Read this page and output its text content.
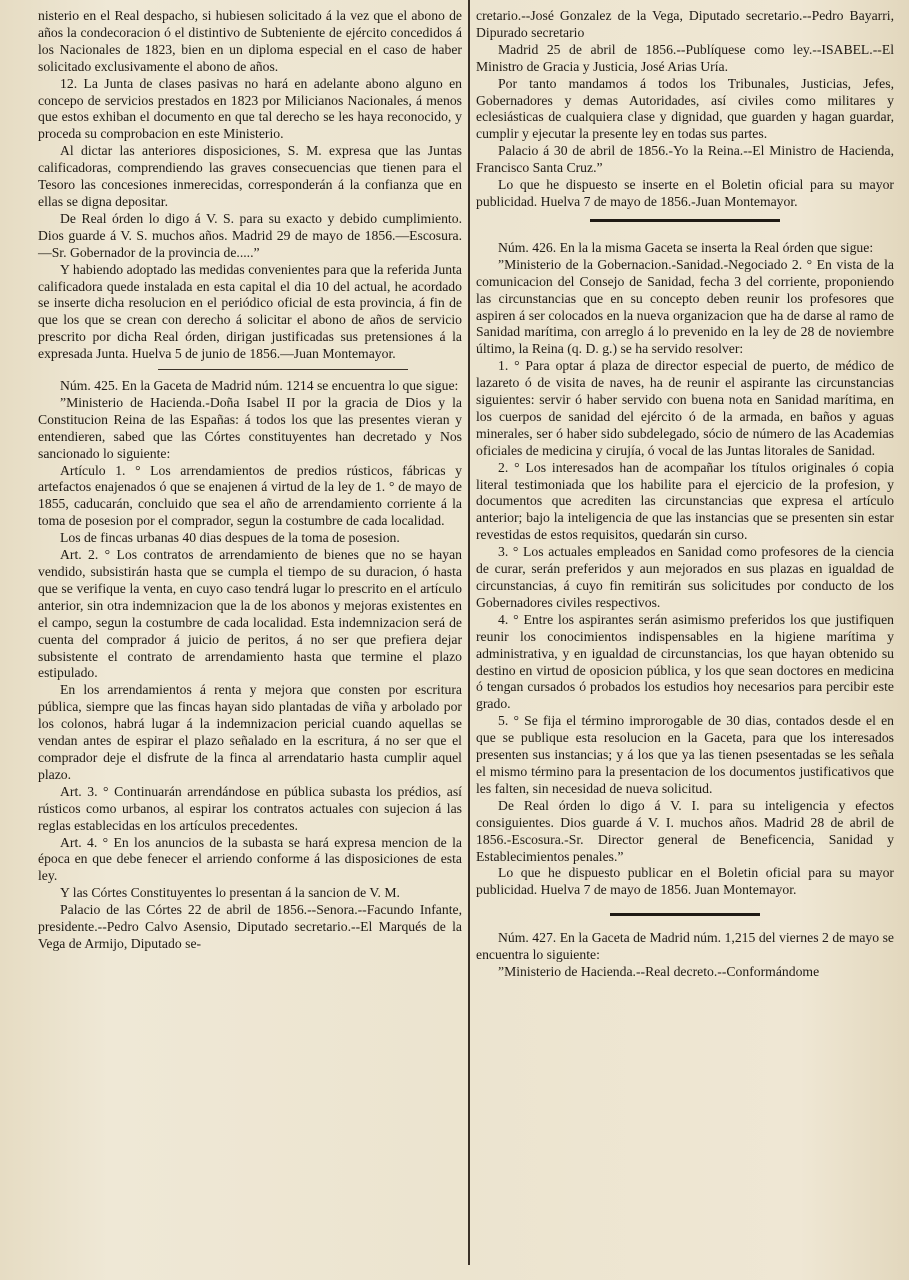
nisterio en el Real despacho, si hubiesen solicitado á la vez que el abono de años la condecoracion ó el distintivo de Subteniente de ejército concedidos á los Nacionales de 1823, bien en un diploma especial en el caso de haber solicitado exclusivamente el abono de años.

12. La Junta de clases pasivas no hará en adelante abono alguno en concepo de servicios prestados en 1823 por Milicianos Nacionales, á menos que estos exhiban el documento en que tal derecho se les haya reconocido, y proceda su comprobacion en este Ministerio.

Al dictar las anteriores disposiciones, S. M. expresa que las Juntas calificadoras, comprendiendo las graves consecuencias que tienen para el Tesoro las concesiones inmerecidas, corresponderán á la confianza que en ellas se digna depositar.

De Real órden lo digo á V. S. para su exacto y debido cumplimiento. Dios guarde á V. S. muchos años. Madrid 29 de mayo de 1856.—Escosura.—Sr. Gobernador de la provincia de.....”

Y habiendo adoptado las medidas convenientes para que la referida Junta calificadora quede instalada en esta capital el dia 10 del actual, he acordado se inserte dicha resolucion en el periódico oficial de esta provincia, á fin de que los que se crean con derecho á solicitar el abono de años de servicio prescrito por dicha Real órden, dirigan justificadas sus pretensiones á la expresada Junta. Huelva 5 de junio de 1856.—Juan Montemayor.

Núm. 425. En la Gaceta de Madrid núm. 1214 se encuentra lo que sigue:

”Ministerio de Hacienda.-Doña Isabel II por la gracia de Dios y la Constitucion Reina de las Españas: á todos los que las presentes vieran y entendieren, sabed que las Córtes constituyentes han decretado y Nos sancionado lo siguiente:

Artículo 1. ° Los arrendamientos de predios rústicos, fábricas y artefactos enajenados ó que se enajenen á virtud de la ley de 1. ° de mayo de 1855, caducarán, concluido que sea el año de arrendamiento corriente á la toma de posesion por el comprador, segun la costumbre de cada localidad.

Los de fincas urbanas 40 dias despues de la toma de posesion.

Art. 2. ° Los contratos de arrendamiento de bienes que no se hayan vendido, subsistirán hasta que se cumpla el tiempo de su duracion, ó hasta que se verifique la venta, en cuyo caso tendrá lugar lo prescrito en el artículo anterior, sin otra indemnizacion que la de los abonos y mejoras existentes en el campo, segun la costumbre de cada localidad. Esta indemnizacion será de cuenta del comprador á juicio de peritos, á no ser que prefiera dejar subsistente el contrato de arrendamiento hasta que termine el plazo estipulado.

En los arrendamientos á renta y mejora que consten por escritura pública, siempre que las fincas hayan sido plantadas de viña y arbolado por los colonos, habrá lugar á la indemnizacion pericial cuando aquellas se vendan antes de espirar el plazo señalado en la escritura, á no ser que el comprador deje el disfrute de la finca al arrendatario hasta cumplir aquel plazo.

Art. 3. ° Continuarán arrendándose en pública subasta los prédios, así rústicos como urbanos, al espirar los contratos actuales con sujecion á las reglas establecidas en los artículos precedentes.

Art. 4. ° En los anuncios de la subasta se hará expresa mencion de la época en que debe fenecer el arriendo conforme á las disposiciones de esta ley.

Y las Córtes Constituyentes lo presentan á la sancion de V. M.

Palacio de las Córtes 22 de abril de 1856.--Senora.--Facundo Infante, presidente.--Pedro Calvo Asensio, Diputado secretario.--El Marqués de la Vega de Armijo, Diputado se-

cretario.--José Gonzalez de la Vega, Diputado secretario.--Pedro Bayarri, Dipurado secretario

Madrid 25 de abril de 1856.--Publíquese como ley.--ISABEL.--El Ministro de Gracia y Justicia, José Arias Uría.

Por tanto mandamos á todos los Tribunales, Justicias, Jefes, Gobernadores y demas Autoridades, así civiles como militares y eclesiásticas de cualquiera clase y dignidad, que guarden y hagan guardar, cumplir y ejecutar la presente ley en todas sus partes.

Palacio á 30 de abril de 1856.-Yo la Reina.--El Ministro de Hacienda, Francisco Santa Cruz.”

Lo que he dispuesto se inserte en el Boletin oficial para su mayor publicidad. Huelva 7 de mayo de 1856.-Juan Montemayor.

Núm. 426. En la la misma Gaceta se inserta la Real órden que sigue:

”Ministerio de la Gobernacion.-Sanidad.-Negociado 2. ° En vista de la comunicacion del Consejo de Sanidad, fecha 3 del corriente, proponiendo las circunstancias que en su concepto deben reunir los profesores que aspiren á ser colocados en la nueva organizacion que ha de darse al ramo de Sanidad marítima, con arreglo á lo prevenido en la ley de 28 de noviembre último, la Reina (q. D. g.) se ha servido resolver:

1. ° Para optar á plaza de director especial de puerto, de médico de lazareto ó de visita de naves, ha de reunir el aspirante las circunstancias siguientes: servir ó haber servido con buena nota en Sanidad marítima, en los cuerpos de sanidad del ejército ó de la armada, en baños y aguas minerales, ser ó haber sido subdelegado, sócio de número de las Academias oficiales de medicina y cirujía, ó vocal de las Juntas litorales de Sanidad.

2. ° Los interesados han de acompañar los títulos originales ó copia literal testimoniada que los habilite para el ejercicio de la profesion, y documentos que acrediten las circunstancias que expresa el artículo anterior; bajo la inteligencia de que las instancias que se presenten sin estar revestidas de estos requisitos, quedarán sin curso.

3. ° Los actuales empleados en Sanidad como profesores de la ciencia de curar, serán preferidos y aun mejorados en sus plazas en igualdad de circunstancias, á cuyo fin remitirán sus solicitudes por conducto de los Gobernadores civiles respectivos.

4. ° Entre los aspirantes serán asimismo preferidos los que justifiquen reunir los conocimientos indispensables en la higiene marítima y administrativa, y en igualdad de circunstancias, los que hayan obtenido su destino en virtud de oposicion pública, y los que sean doctores en medicina ó tengan cursados ó probados los estudios hoy necesarios para percibir este grado.

5. ° Se fija el término improrogable de 30 dias, contados desde el en que se publique esta resolucion en la Gaceta, para que los interesados presenten sus instancias; y á los que ya las tienen psesentadas se les señala el mismo término para la presentacion de los documentos justificativos que les falten, sin necesidad de nueva solicitud.

De Real órden lo digo á V. I. para su inteligencia y efectos consiguientes. Dios guarde á V. I. muchos años. Madrid 28 de abril de 1856.-Escosura.-Sr. Director general de Beneficencia, Sanidad y Establecimientos penales.”

Lo que he dispuesto publicar en el Boletin oficial para su mayor publicidad. Huelva 7 de mayo de 1856. Juan Montemayor.

Núm. 427. En la Gaceta de Madrid núm. 1,215 del viernes 2 de mayo se encuentra lo siguiente:

”Ministerio de Hacienda.--Real decreto.--Conformándome
